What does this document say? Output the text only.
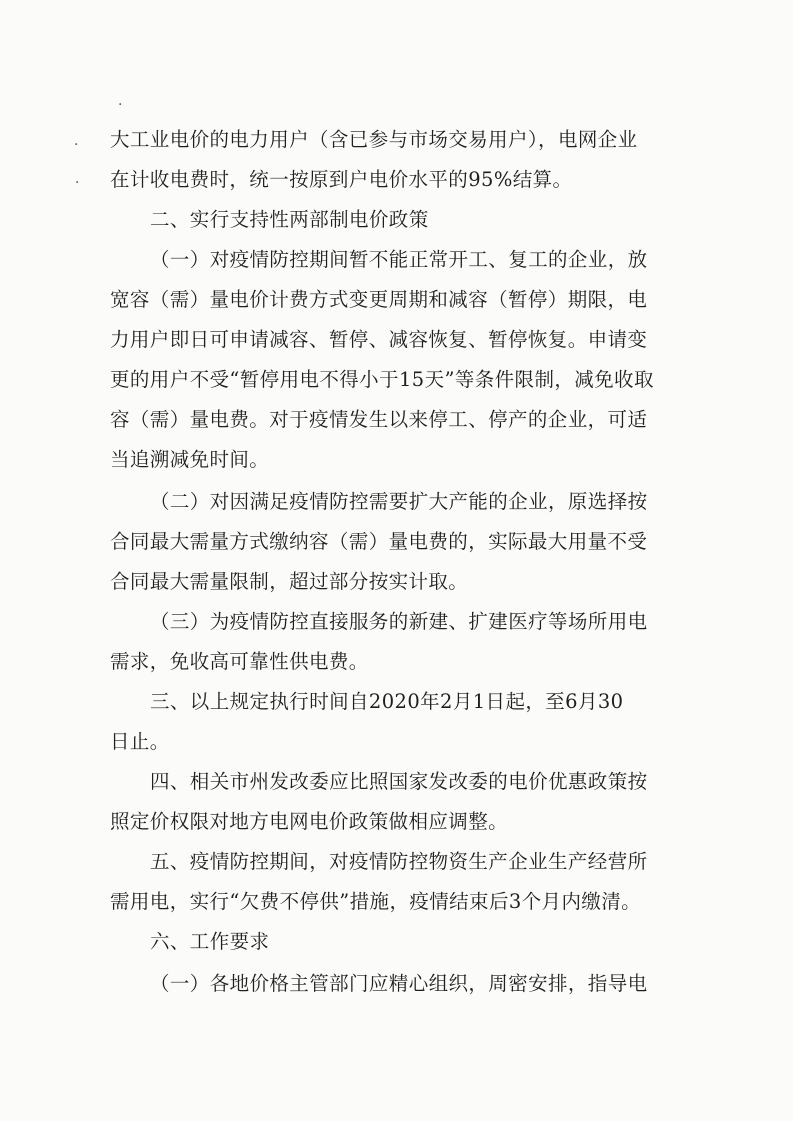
·
·
·

大工业电价的电力用户（含已参与市场交易用户），电网企业

在计收电费时，统一按原到户电价水平的95%结算。

二、实行支持性两部制电价政策

（一）对疫情防控期间暂不能正常开工、复工的企业，放

宽容（需）量电价计费方式变更周期和减容（暂停）期限，电

力用户即日可申请减容、暂停、减容恢复、暂停恢复。申请变

更的用户不受“暂停用电不得小于15天”等条件限制，减免收取

容（需）量电费。对于疫情发生以来停工、停产的企业，可适

当追溯减免时间。

（二）对因满足疫情防控需要扩大产能的企业，原选择按

合同最大需量方式缴纳容（需）量电费的，实际最大用量不受

合同最大需量限制，超过部分按实计取。

（三）为疫情防控直接服务的新建、扩建医疗等场所用电

需求，免收高可靠性供电费。

三、以上规定执行时间自2020年2月1日起，至6月30

日止。

四、相关市州发改委应比照国家发改委的电价优惠政策按

照定价权限对地方电网电价政策做相应调整。

五、疫情防控期间，对疫情防控物资生产企业生产经营所

需用电，实行“欠费不停供”措施，疫情结束后3个月内缴清。

六、工作要求

（一）各地价格主管部门应精心组织，周密安排，指导电
